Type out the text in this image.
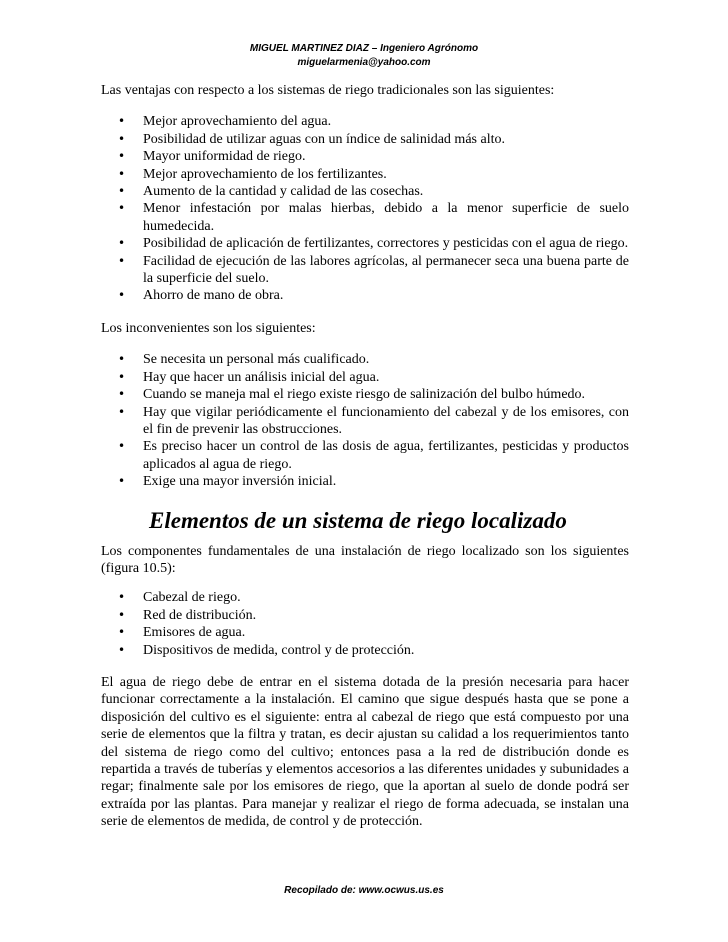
MIGUEL MARTINEZ DIAZ – Ingeniero Agrónomo
miguelarmenia@yahoo.com

Las ventajas con respecto a los sistemas de riego tradicionales son las siguientes:

• Mejor aprovechamiento del agua.
• Posibilidad de utilizar aguas con un índice de salinidad más alto.
• Mayor uniformidad de riego.
• Mejor aprovechamiento de los fertilizantes.
• Aumento de la cantidad y calidad de las cosechas.
• Menor infestación por malas hierbas, debido a la menor superficie de suelo humedecida.
• Posibilidad de aplicación de fertilizantes, correctores y pesticidas con el agua de riego.
• Facilidad de ejecución de las labores agrícolas, al permanecer seca una buena parte de la superficie del suelo.
• Ahorro de mano de obra.

Los inconvenientes son los siguientes:

• Se necesita un personal más cualificado.
• Hay que hacer un análisis inicial del agua.
• Cuando se maneja mal el riego existe riesgo de salinización del bulbo húmedo.
• Hay que vigilar periódicamente el funcionamiento del cabezal y de los emisores, con el fin de prevenir las obstrucciones.
• Es preciso hacer un control de las dosis de agua, fertilizantes, pesticidas y productos aplicados al agua de riego.
• Exige una mayor inversión inicial.
Elementos de un sistema de riego localizado

Los componentes fundamentales de una instalación de riego localizado son los siguientes (figura 10.5):

• Cabezal de riego.
• Red de distribución.
• Emisores de agua.
• Dispositivos de medida, control y de protección.

El agua de riego debe de entrar en el sistema dotada de la presión necesaria para hacer funcionar correctamente a la instalación. El camino que sigue después hasta que se pone a disposición del cultivo es el siguiente: entra al cabezal de riego que está compuesto por una serie de elementos que la filtra y tratan, es decir ajustan su calidad a los requerimientos tanto del sistema de riego como del cultivo; entonces pasa a la red de distribución donde es repartida a través de tuberías y elementos accesorios a las diferentes unidades y subunidades a regar; finalmente sale por los emisores de riego, que la aportan al suelo de donde podrá ser extraída por las plantas. Para manejar y realizar el riego de forma adecuada, se instalan una serie de elementos de medida, de control y de protección.

Recopilado de: www.ocwus.us.es
